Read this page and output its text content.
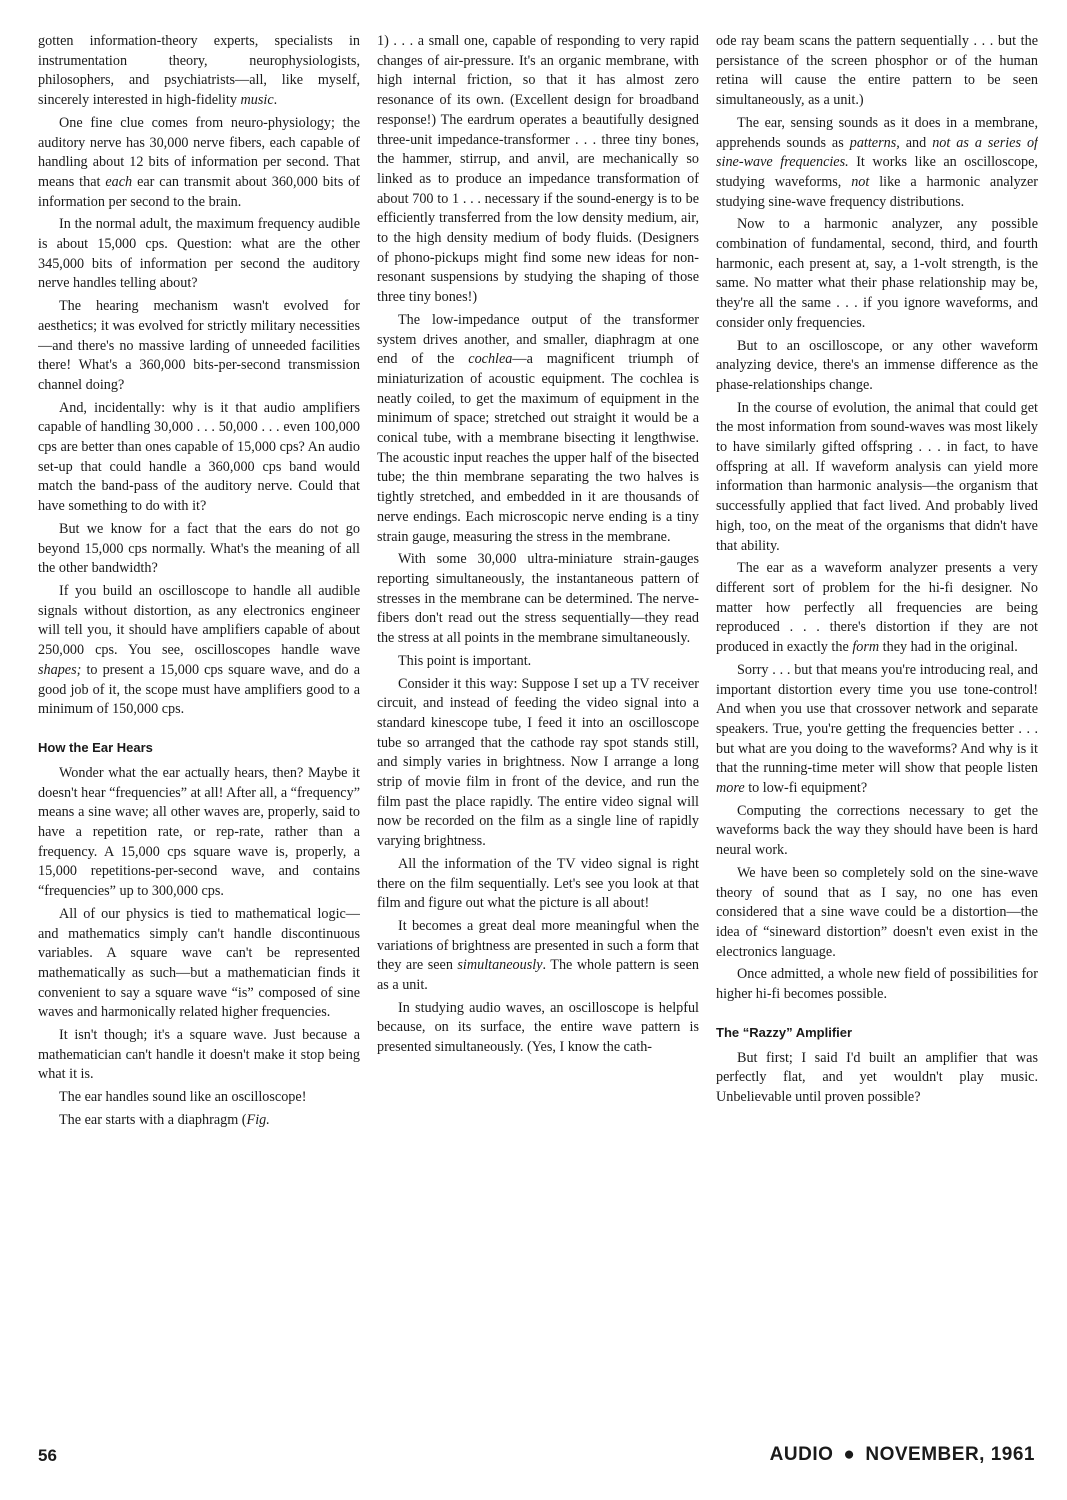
gotten information-theory experts, specialists in instrumentation theory, neurophysiologists, philosophers, and psychiatrists—all, like myself, sincerely interested in high-fidelity music.

One fine clue comes from neuro-physiology; the auditory nerve has 30,000 nerve fibers, each capable of handling about 12 bits of information per second. That means that each ear can transmit about 360,000 bits of information per second to the brain.

In the normal adult, the maximum frequency audible is about 15,000 cps. Question: what are the other 345,000 bits of information per second the auditory nerve handles telling about?

The hearing mechanism wasn't evolved for aesthetics; it was evolved for strictly military necessities—and there's no massive larding of unneeded facilities there! What's a 360,000 bits-per-second transmission channel doing?

And, incidentally: why is it that audio amplifiers capable of handling 30,000 . . . 50,000 . . . even 100,000 cps are better than ones capable of 15,000 cps? An audio set-up that could handle a 360,000 cps band would match the band-pass of the auditory nerve. Could that have something to do with it?

But we know for a fact that the ears do not go beyond 15,000 cps normally. What's the meaning of all the other bandwidth?

If you build an oscilloscope to handle all audible signals without distortion, as any electronics engineer will tell you, it should have amplifiers capable of about 250,000 cps. You see, oscilloscopes handle wave shapes; to present a 15,000 cps square wave, and do a good job of it, the scope must have amplifiers good to a minimum of 150,000 cps.

How the Ear Hears

Wonder what the ear actually hears, then? Maybe it doesn't hear “frequencies” at all! After all, a “frequency” means a sine wave; all other waves are, properly, said to have a repetition rate, or rep-rate, rather than a frequency. A 15,000 cps square wave is, properly, a 15,000 repetitions-per-second wave, and contains “frequencies” up to 300,000 cps.

All of our physics is tied to mathematical logic—and mathematics simply can't handle discontinuous variables. A square wave can't be represented mathematically as such—but a mathematician finds it convenient to say a square wave “is” composed of sine waves and harmonically related higher frequencies.

It isn't though; it's a square wave. Just because a mathematician can't handle it doesn't make it stop being what it is.

The ear handles sound like an oscilloscope!

The ear starts with a diaphragm (Fig.

1) . . . a small one, capable of responding to very rapid changes of air-pressure. It's an organic membrane, with high internal friction, so that it has almost zero resonance of its own. (Excellent design for broadband response!) The eardrum operates a beautifully designed three-unit impedance-transformer . . . three tiny bones, the hammer, stirrup, and anvil, are mechanically so linked as to produce an impedance transformation of about 700 to 1 . . . necessary if the sound-energy is to be efficiently transferred from the low density medium, air, to the high density medium of body fluids. (Designers of phono-pickups might find some new ideas for non-resonant suspensions by studying the shaping of those three tiny bones!)

The low-impedance output of the transformer system drives another, and smaller, diaphragm at one end of the cochlea—a magnificent triumph of miniaturization of acoustic equipment. The cochlea is neatly coiled, to get the maximum of equipment in the minimum of space; stretched out straight it would be a conical tube, with a membrane bisecting it lengthwise. The acoustic input reaches the upper half of the bisected tube; the thin membrane separating the two halves is tightly stretched, and embedded in it are thousands of nerve endings. Each microscopic nerve ending is a tiny strain gauge, measuring the stress in the membrane.

With some 30,000 ultra-miniature strain-gauges reporting simultaneously, the instantaneous pattern of stresses in the membrane can be determined. The nerve-fibers don't read out the stress sequentially—they read the stress at all points in the membrane simultaneously.

This point is important.

Consider it this way: Suppose I set up a TV receiver circuit, and instead of feeding the video signal into a standard kinescope tube, I feed it into an oscilloscope tube so arranged that the cathode ray spot stands still, and simply varies in brightness. Now I arrange a long strip of movie film in front of the device, and run the film past the place rapidly. The entire video signal will now be recorded on the film as a single line of rapidly varying brightness.

All the information of the TV video signal is right there on the film sequentially. Let's see you look at that film and figure out what the picture is all about!

It becomes a great deal more meaningful when the variations of brightness are presented in such a form that they are seen simultaneously. The whole pattern is seen as a unit.

In studying audio waves, an oscilloscope is helpful because, on its surface, the entire wave pattern is presented simultaneously. (Yes, I know the cath-

ode ray beam scans the pattern sequentially . . . but the persistance of the screen phosphor or of the human retina will cause the entire pattern to be seen simultaneously, as a unit.)

The ear, sensing sounds as it does in a membrane, apprehends sounds as patterns, and not as a series of sine-wave frequencies. It works like an oscilloscope, studying waveforms, not like a harmonic analyzer studying sine-wave frequency distributions.

Now to a harmonic analyzer, any possible combination of fundamental, second, third, and fourth harmonic, each present at, say, a 1-volt strength, is the same. No matter what their phase relationship may be, they're all the same . . . if you ignore waveforms, and consider only frequencies.

But to an oscilloscope, or any other waveform analyzing device, there's an immense difference as the phase-relationships change.

In the course of evolution, the animal that could get the most information from sound-waves was most likely to have similarly gifted offspring . . . in fact, to have offspring at all. If waveform analysis can yield more information than harmonic analysis—the organism that successfully applied that fact lived. And probably lived high, too, on the meat of the organisms that didn't have that ability.

The ear as a waveform analyzer presents a very different sort of problem for the hi-fi designer. No matter how perfectly all frequencies are being reproduced . . . there's distortion if they are not produced in exactly the form they had in the original.

Sorry . . . but that means you're introducing real, and important distortion every time you use tone-control! And when you use that crossover network and separate speakers. True, you're getting the frequencies better . . . but what are you doing to the waveforms? And why is it that the running-time meter will show that people listen more to low-fi equipment?

Computing the corrections necessary to get the waveforms back the way they should have been is hard neural work.

We have been so completely sold on the sine-wave theory of sound that as I say, no one has even considered that a sine wave could be a distortion—the idea of “sineward distortion” doesn't even exist in the electronics language.

Once admitted, a whole new field of possibilities for higher hi-fi becomes possible.

The “Razzy” Amplifier

But first; I said I'd built an amplifier that was perfectly flat, and yet wouldn't play music. Unbelievable until proven possible?

56	AUDIO ● NOVEMBER, 1961
